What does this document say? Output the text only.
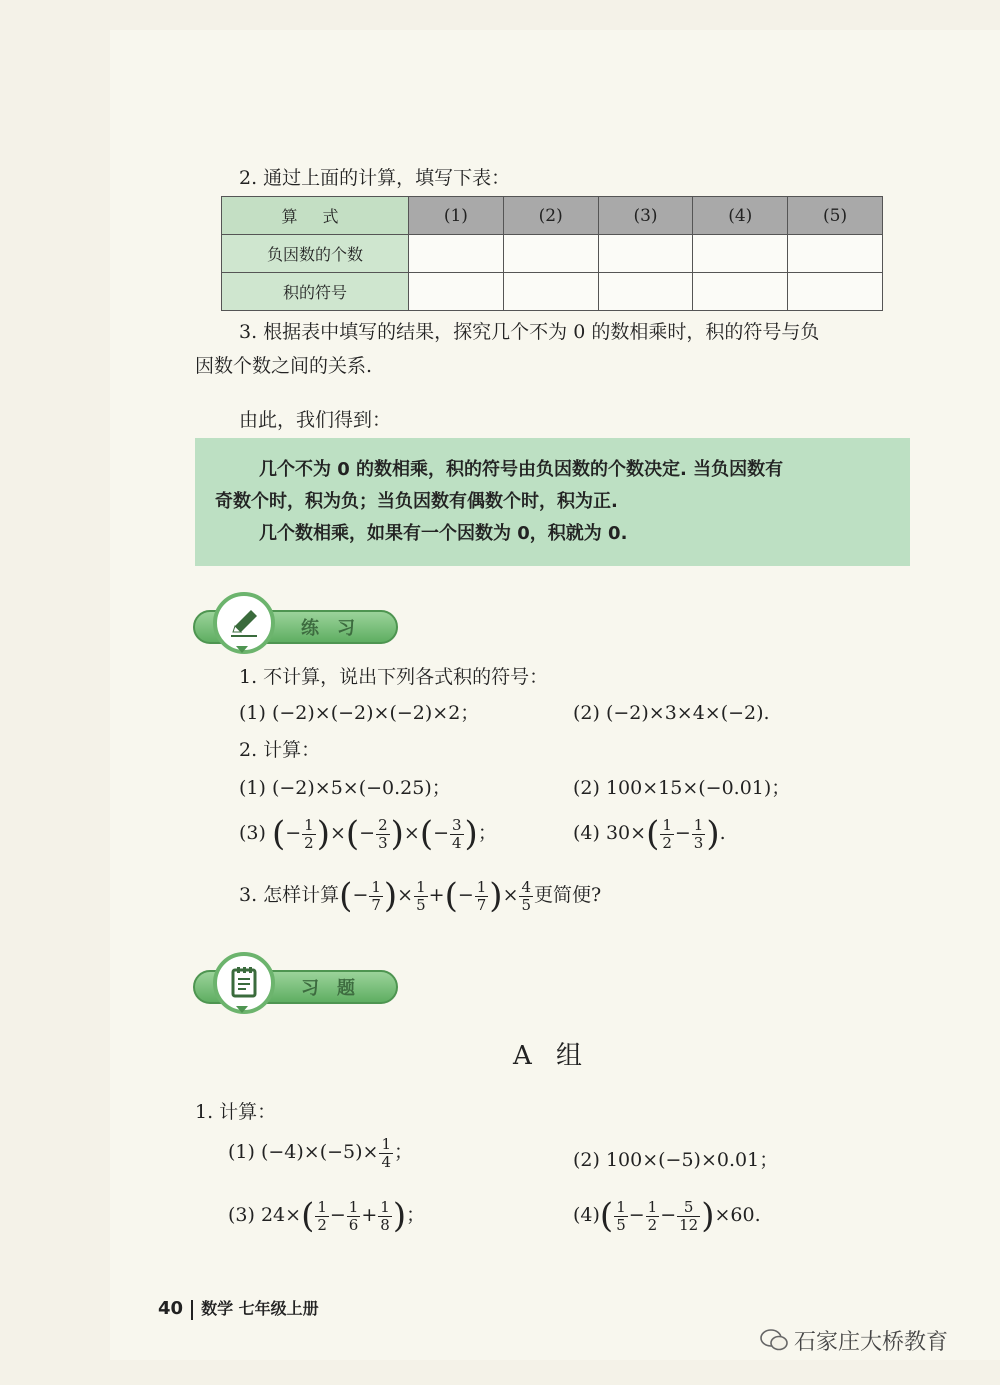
2. 通过上面的计算，填写下表：
算 式	(1)	(2)	(3)	(4)	(5)
负因数的个数					
积的符号					
3. 根据表中填写的结果，探究几个不为 0 的数相乘时，积的符号与负
因数个数之间的关系.
由此，我们得到：
几个不为 0 的数相乘，积的符号由负因数的个数决定. 当负因数有
奇数个时，积为负；当负因数有偶数个时，积为正.
几个数相乘，如果有一个因数为 0，积就为 0.
练习
1. 不计算，说出下列各式积的符号：
(1) (−2)×(−2)×(−2)×2；	(2) (−2)×3×4×(−2).
2. 计算：
(1) (−2)×5×(−0.25)；	(2) 100×15×(−0.01)；
(3) (− $\frac{1}{2}$ )×(− $\frac{2}{3}$ )×(− $\frac{3}{4}$ )；	(4) $30\times( \frac{1}{2} - \frac{1}{3}$ ).
3. 怎样计算(− $\frac{1}{7}$ )× $\frac{1}{5}$ +(− $\frac{1}{7}$ )× $\frac{4}{5}$ 更简便?
习题
A 组
1. 计算：
(1) $(-4)\times(-5)\times \frac{1}{4}$ ；	(2) 100×(−5)×0.01；
(3) $24\times( \frac{1}{2} - \frac{1}{6} + \frac{1}{8}$ )；	$(4)( \frac{1}{5} - \frac{1}{2} - \frac{5}{12} )\times 60$.
40 数学 七年级上册
石家庄大桥教育
